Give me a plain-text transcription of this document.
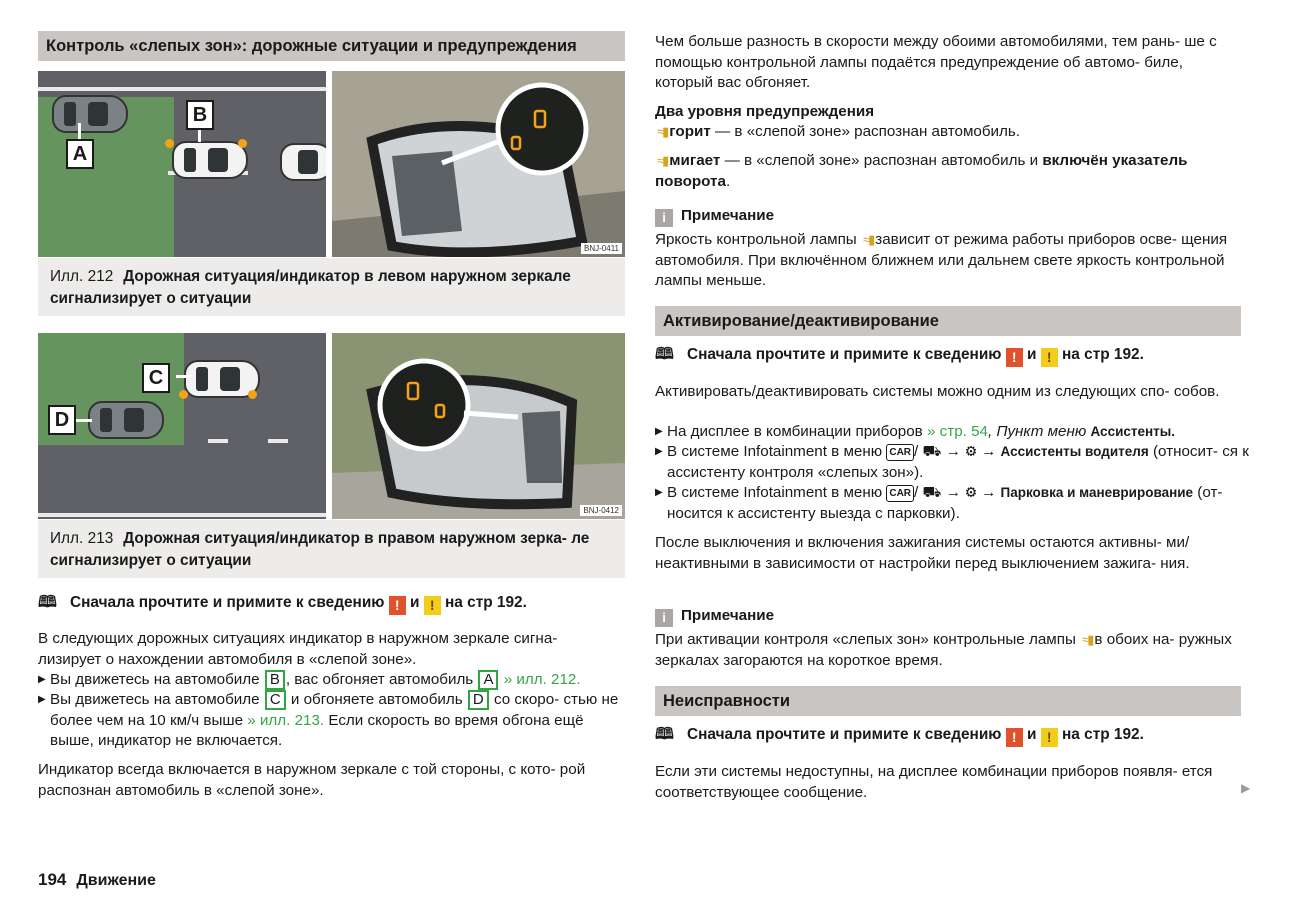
Контроль «слепых зон»: дорожные ситуации и предупреждения
A
B
BNJ-0411
Илл. 212 Дорожная ситуация/индикатор в левом наружном зеркале сигнализирует о ситуации
C
D
BNJ-0412
Илл. 213 Дорожная ситуация/индикатор в правом наружном зерка- ле сигнализирует о ситуации

🕮 Сначала прочтите и примите к сведению ! и ! на стр 192.

В следующих дорожных ситуациях индикатор в наружном зеркале сигна- лизирует о нахождении автомобиля в «слепой зоне».

▶ Вы движетесь на автомобиле B , вас обгоняет автомобиль A » илл. 212.

▶ Вы движетесь на автомобиле C и обгоняете автомобиль D со скоро- стью не более чем на 10 км/ч выше » илл. 213. Если скорость во время обгона ещё выше, индикатор не включается.

Индикатор всегда включается в наружном зеркале с той стороны, с кото- рой распознан автомобиль в «слепой зоне».

Чем больше разность в скорости между обоими автомобилями, тем рань- ше с помощью контрольной лампы подаётся предупреждение об автомо- биле, который вас обгоняет.

Два уровня предупреждения

≈▮ горит — в «слепой зоне» распознан автомобиль.

≈▮ мигает — в «слепой зоне» распознан автомобиль и включён указатель поворота.

i Примечание

Яркость контрольной лампы ≈▮ зависит от режима работы приборов осве- щения автомобиля. При включённом ближнем или дальнем свете яркость контрольной лампы меньше.

Активирование/деактивирование

🕮 Сначала прочтите и примите к сведению ! и ! на стр 192.

Активировать/деактивировать системы можно одним из следующих спо- собов.

▶ На дисплее в комбинации приборов » стр. 54, Пункт меню Ассистенты.

▶ В системе Infotainment в меню CAR / ⛟ → ⚙ → Ассистенты водителя (относит- ся к ассистенту контроля «слепых зон»).

▶ В системе Infotainment в меню CAR / ⛟ → ⚙ → Парковка и маневрирование (от- носится к ассистенту выезда с парковки).

После выключения и включения зажигания системы остаются активны- ми/неактивными в зависимости от настройки перед выключением зажига- ния.

i Примечание

При активации контроля «слепых зон» контрольные лампы ≈▮ в обоих на- ружных зеркалах загораются на короткое время.

Неисправности

🕮 Сначала прочтите и примите к сведению ! и ! на стр 192.

Если эти системы недоступны, на дисплее комбинации приборов появля- ется соответствующее сообщение.	▶
194 Движение
